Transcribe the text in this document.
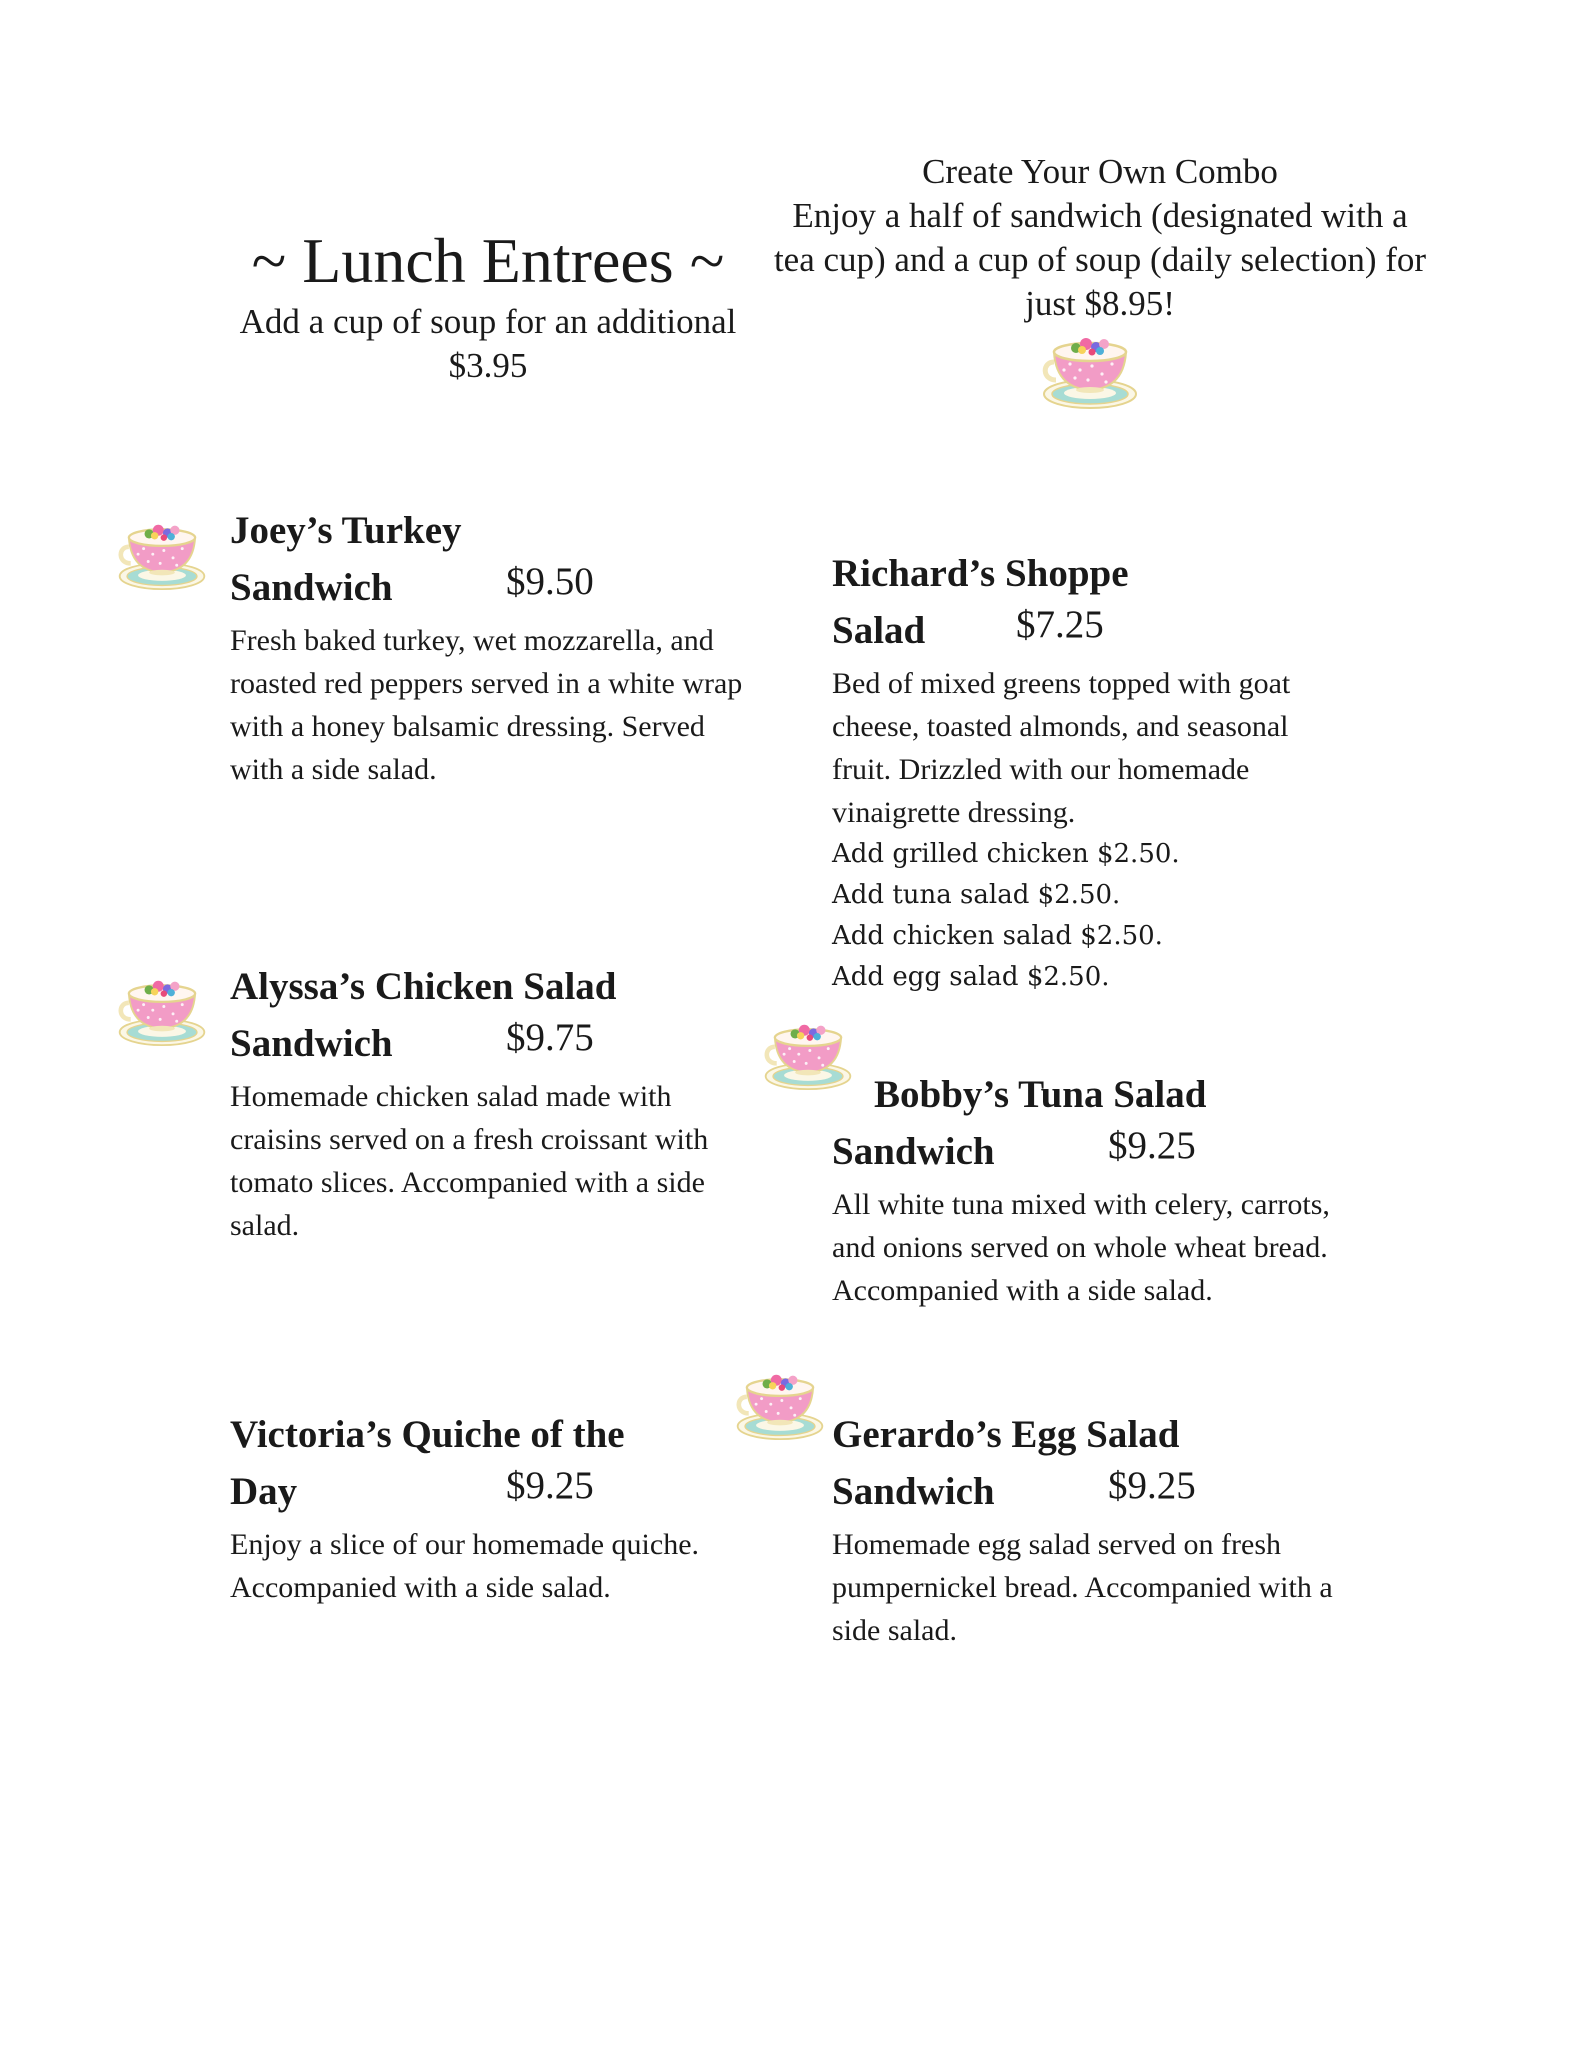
~ Lunch Entrees ~
Add a cup of soup for an additional $3.95
Create Your Own Combo
Enjoy a half of sandwich (designated with a tea cup) and a cup of soup (daily selection) for just $8.95!
Joey’s Turkey
Sandwich	$9.50
Fresh baked turkey, wet mozzarella, and roasted red peppers served in a white wrap with a honey balsamic dressing. Served with a side salad.
Richard’s Shoppe
Salad $7.25
Bed of mixed greens topped with goat cheese, toasted almonds, and seasonal fruit. Drizzled with our homemade vinaigrette dressing.
Add grilled chicken $2.50.
Add tuna salad $2.50.
Add chicken salad $2.50.
Add egg salad $2.50.
Alyssa’s Chicken Salad
Sandwich	$9.75
Homemade chicken salad made with craisins served on a fresh croissant with tomato slices. Accompanied with a side salad.
Bobby’s Tuna Salad
Sandwich	$9.25
All white tuna mixed with celery, carrots, and onions served on whole wheat bread. Accompanied with a side salad.
Victoria’s Quiche of the
Day	$9.25
Enjoy a slice of our homemade quiche. Accompanied with a side salad.
Gerardo’s Egg Salad
Sandwich	$9.25
Homemade egg salad served on fresh pumpernickel bread. Accompanied with a side salad.
